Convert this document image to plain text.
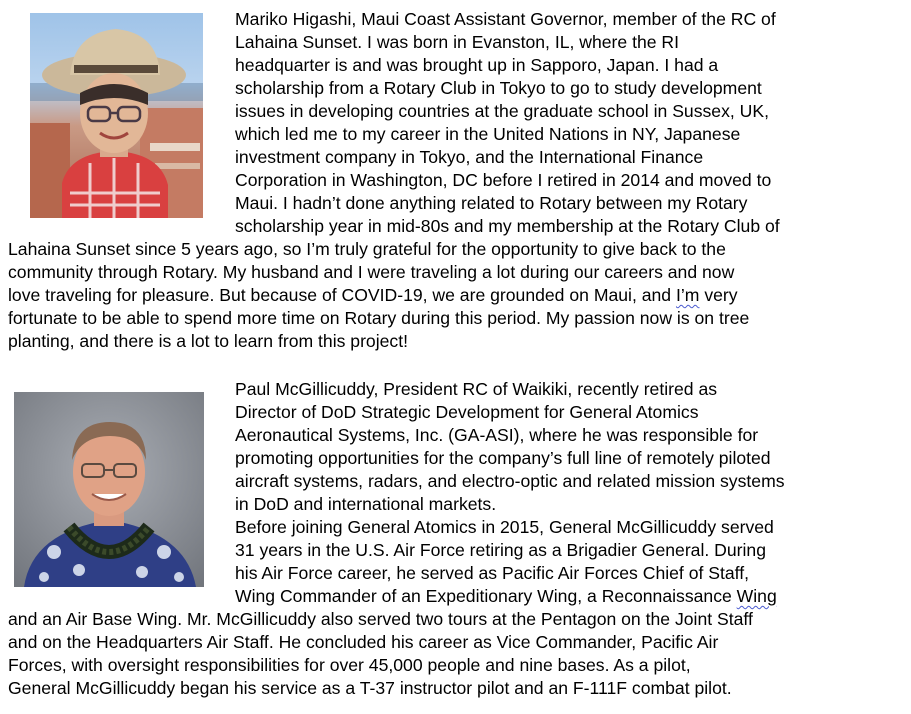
Mariko Higashi, Maui Coast Assistant Governor, member of the RC of
Lahaina Sunset. I was born in Evanston, IL, where the RI
headquarter is and was brought up in Sapporo, Japan. I had a
scholarship from a Rotary Club in Tokyo to go to study development
issues in developing countries at the graduate school in Sussex, UK,
which led me to my career in the United Nations in NY, Japanese
investment company in Tokyo, and the International Finance
Corporation in Washington, DC before I retired in 2014 and moved to
Maui. I hadn’t done anything related to Rotary between my Rotary
scholarship year in mid-80s and my membership at the Rotary Club of
Lahaina Sunset since 5 years ago, so I’m truly grateful for the opportunity to give back to the
community through Rotary. My husband and I were traveling a lot during our careers and now
love traveling for pleasure. But because of COVID-19, we are grounded on Maui, and I’m very
fortunate to be able to spend more time on Rotary during this period. My passion now is on tree
planting, and there is a lot to learn from this project!
Paul McGillicuddy, President RC of Waikiki, recently retired as
Director of DoD Strategic Development for General Atomics
Aeronautical Systems, Inc. (GA-ASI), where he was responsible for
promoting opportunities for the company’s full line of remotely piloted
aircraft systems, radars, and electro-optic and related mission systems
in DoD and international markets.
Before joining General Atomics in 2015, General McGillicuddy served
31 years in the U.S. Air Force retiring as a Brigadier General. During
his Air Force career, he served as Pacific Air Forces Chief of Staff,
Wing Commander of an Expeditionary Wing, a Reconnaissance Wing
and an Air Base Wing. Mr. McGillicuddy also served two tours at the Pentagon on the Joint Staff
and on the Headquarters Air Staff. He concluded his career as Vice Commander, Pacific Air
Forces, with oversight responsibilities for over 45,000 people and nine bases. As a pilot,
General McGillicuddy began his service as a T-37 instructor pilot and an F-111F combat pilot.
